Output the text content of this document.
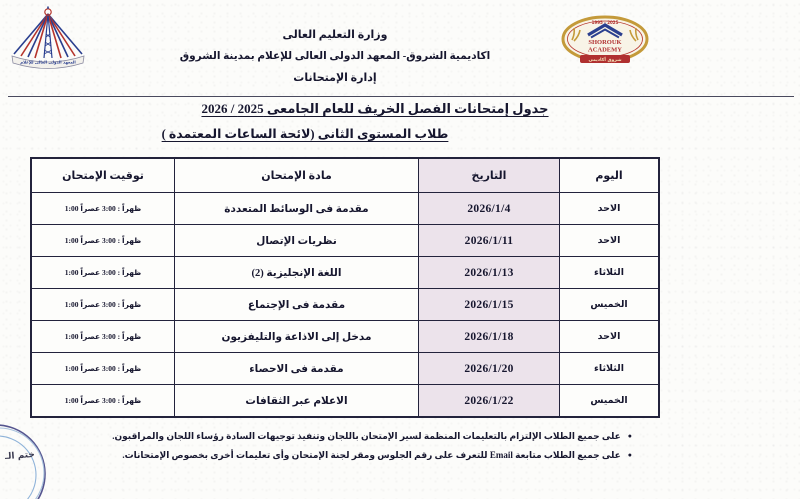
المعهد الدولى العالى للإعلام
1995 - 2025
SHOROUK
ACADEMY
شروق أكاديمى
وزارة التعليم العالى
اكاديمية الشروق- المعهد الدولى العالى للإعلام بمدينة الشروق
إدارة الإمتحانات
جدول إمتحانات الفصل الخريف للعام الجامعى 2025 / 2026
طلاب المستوى الثانى (لائحة الساعات المعتمدة )
اليوم	التاريخ	مادة الإمتحان	توقيت الإمتحان
الاحد	2026/1/4	مقدمة فى الوسائط المتعددة	1:00 ظهراً : 3:00 عصراً
الاحد	2026/1/11	نظريات الإتصال	1:00 ظهراً : 3:00 عصراً
الثلاثاء	2026/1/13	اللغة الإنجليزية (2)	1:00 ظهراً : 3:00 عصراً
الخميس	2026/1/15	مقدمة فى الإجتماع	1:00 ظهراً : 3:00 عصراً
الاحد	2026/1/18	مدخل إلى الاذاعة والتليفزيون	1:00 ظهراً : 3:00 عصراً
الثلاثاء	2026/1/20	مقدمة فى الاحصاء	1:00 ظهراً : 3:00 عصراً
الخميس	2026/1/22	الاعلام عبر الثقافات	1:00 ظهراً : 3:00 عصراً
●على جميع الطلاب الإلتزام بالتعليمات المنظمة لسير الإمتحان باللجان وتنفيذ توجيهات السادة رؤساء اللجان والمراقبون.
●على جميع الطلاب متابعة Email للتعرف على رقم الجلوس ومقر لجنة الإمتحان وأى تعليمات أخرى بخصوص الإمتحانات.
ختم الـ
